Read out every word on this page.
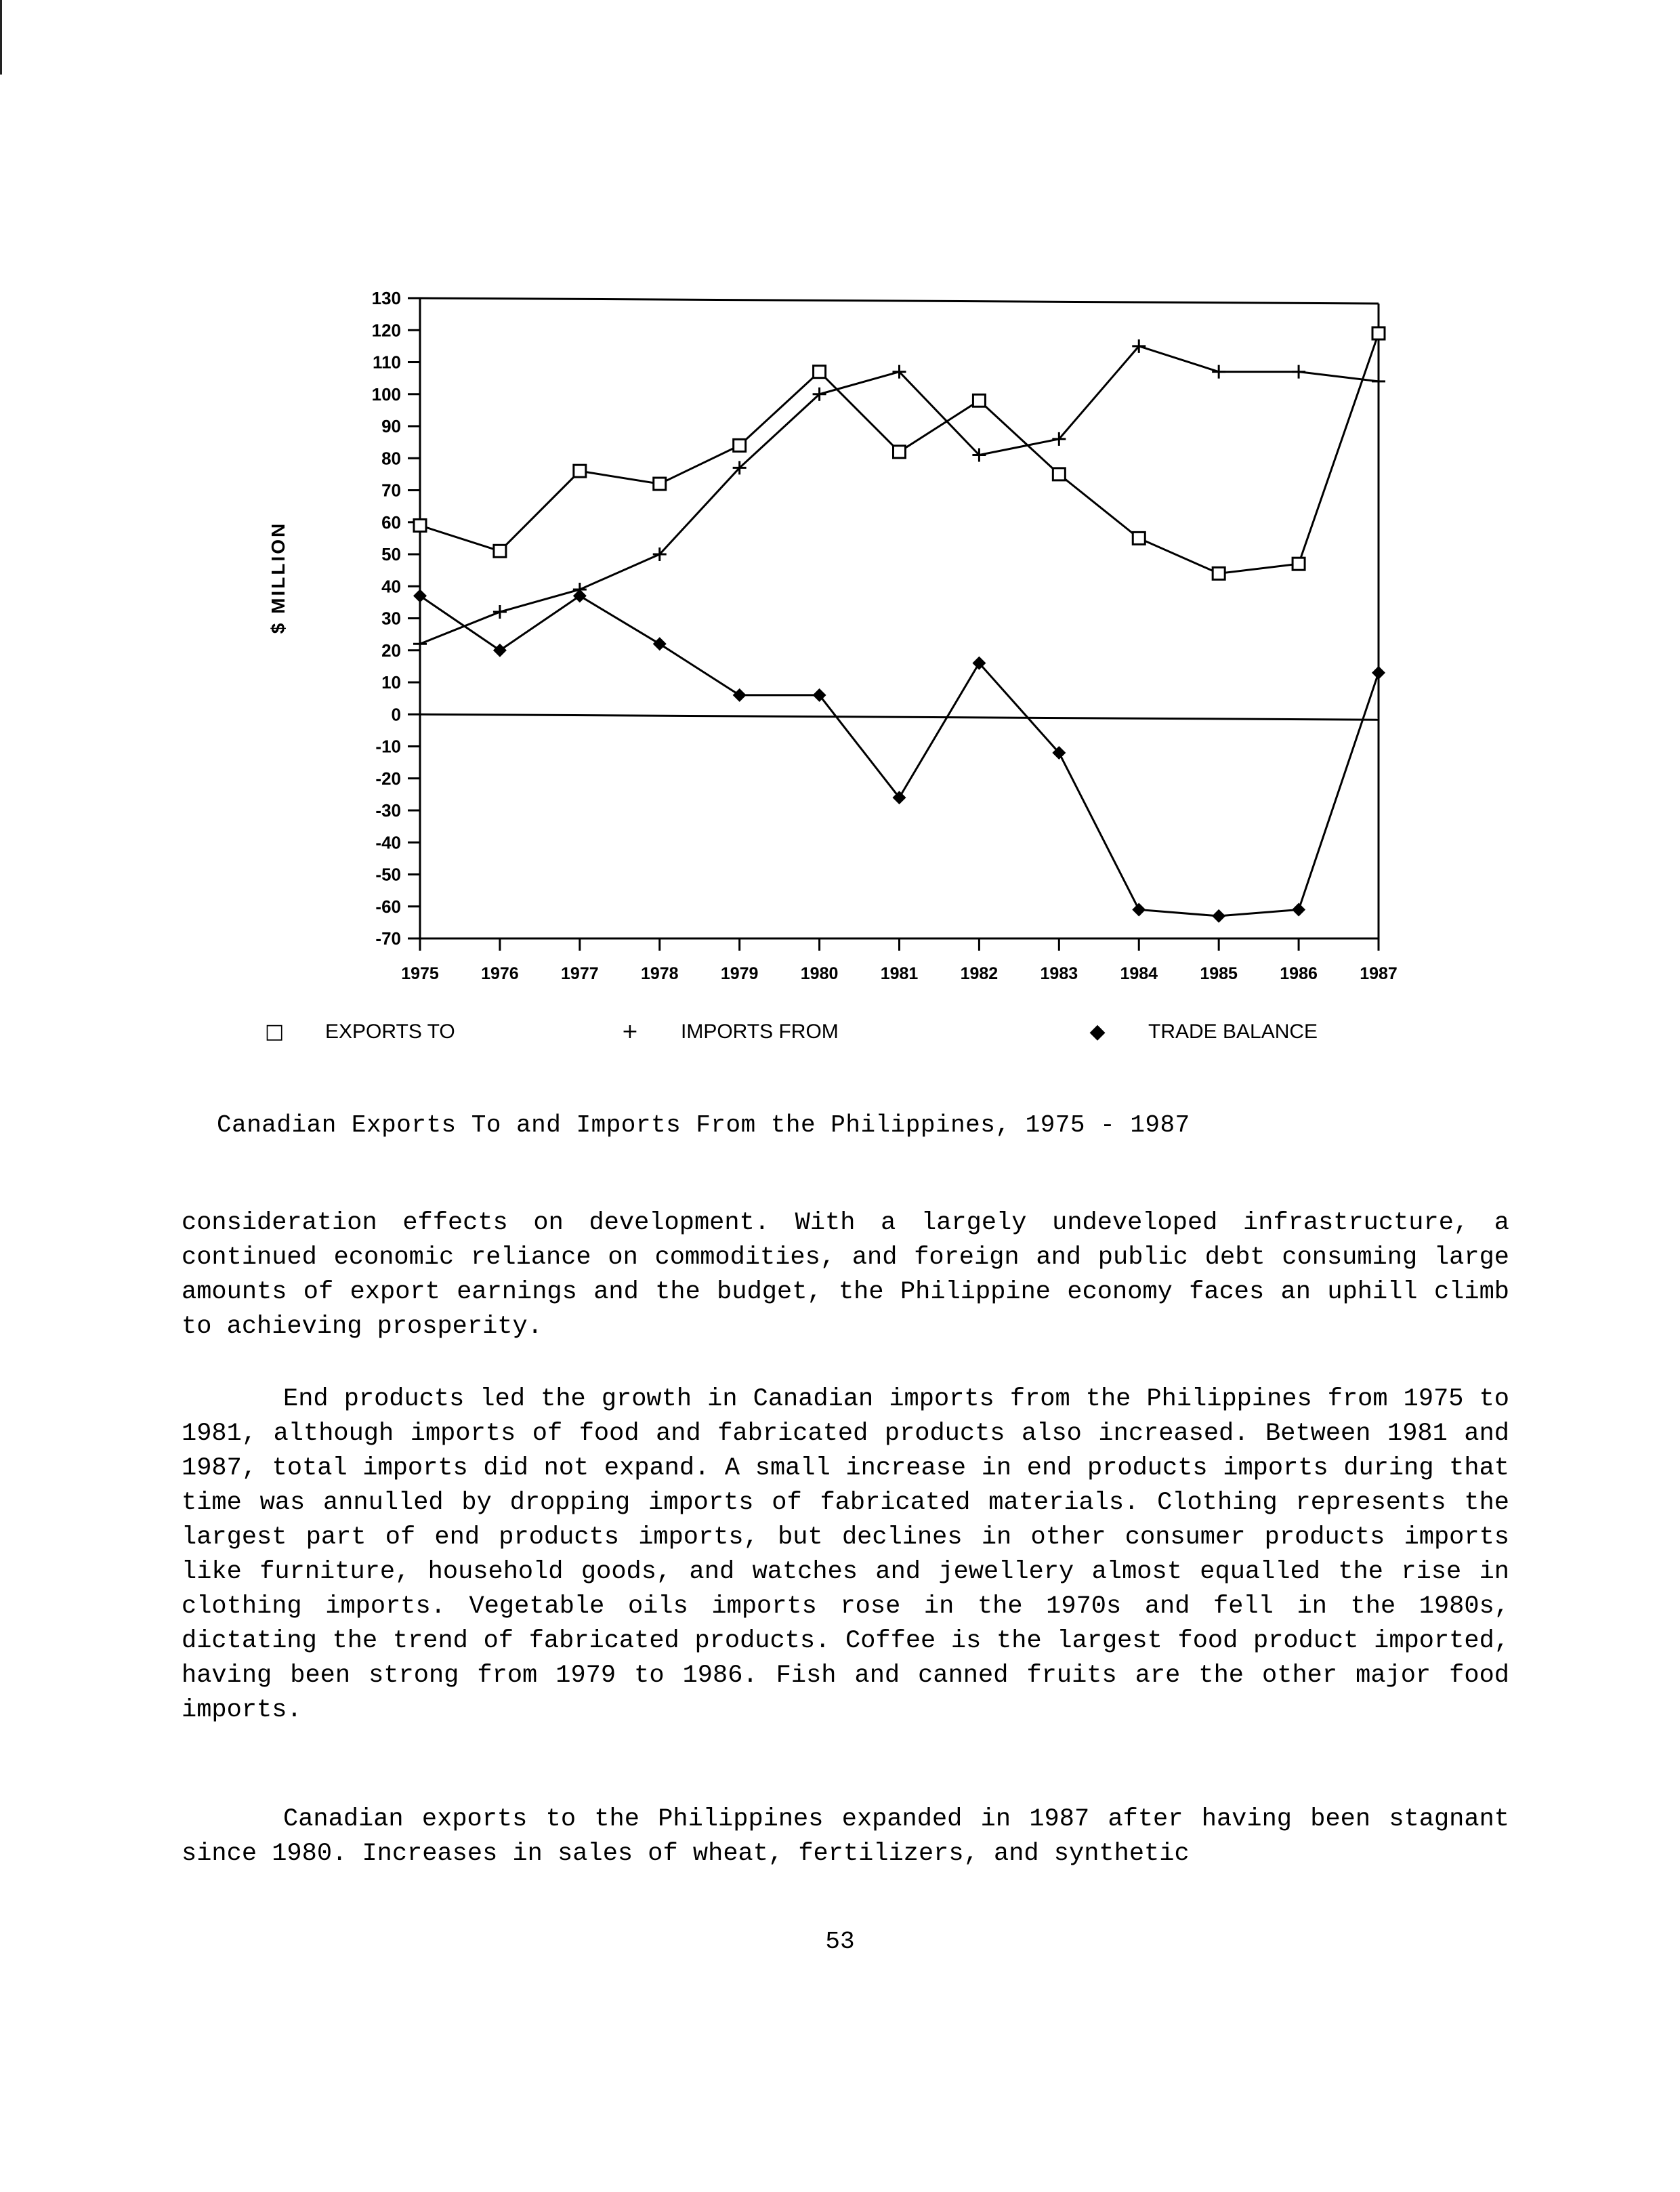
130
120
110
100
90
80
70
60
50
40
30
20
10
0
-10
-20
-30
-40
-50
-60
-70
$ MILLION
1975 1976 1977 1978 1979 1980 1981 1982 1983 1984 1985 1986 1987
□ EXPORTS TO	+ IMPORTS FROM	◆ TRADE BALANCE
Canadian Exports To and Imports From the Philippines, 1975 - 1987

consideration effects on development. With a largely undeveloped infrastructure, a continued economic reliance on commodities, and foreign and public debt consuming large amounts of export earnings and the budget, the Philippine economy faces an uphill climb to achieving prosperity.

End products led the growth in Canadian imports from the Philippines from 1975 to 1981, although imports of food and fabricated products also increased. Between 1981 and 1987, total imports did not expand. A small increase in end products imports during that time was annulled by dropping imports of fabricated materials. Clothing represents the largest part of end products imports, but declines in other consumer products imports like furniture, household goods, and watches and jewellery almost equalled the rise in clothing imports. Vegetable oils imports rose in the 1970s and fell in the 1980s, dictating the trend of fabricated products. Coffee is the largest food product imported, having been strong from 1979 to 1986. Fish and canned fruits are the other major food imports.

Canadian exports to the Philippines expanded in 1987 after having been stagnant since 1980. Increases in sales of wheat, fertilizers, and synthetic

53
